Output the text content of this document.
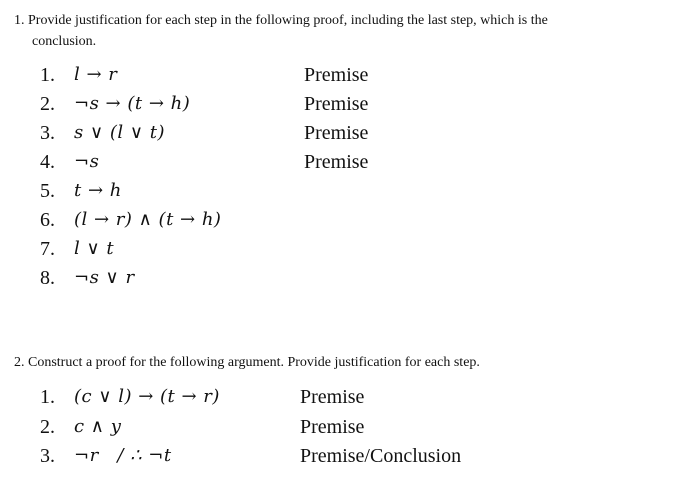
1. Provide justification for each step in the following proof, including the last step, which is the
conclusion.
1. l → r	Premise
2. ¬s → (t → h)	Premise
3. s ∨ (l ∨ t)	Premise
4. ¬s	Premise
5. t → h
6. (l → r) ∧ (t → h)
7. l ∨ t
8. ¬s ∨ r
2. Construct a proof for the following argument. Provide justification for each step.
1. (c ∨ l) → (t → r)	Premise
2. c ∧ y	Premise
3. ¬r   / ∴ ¬t	Premise/Conclusion
